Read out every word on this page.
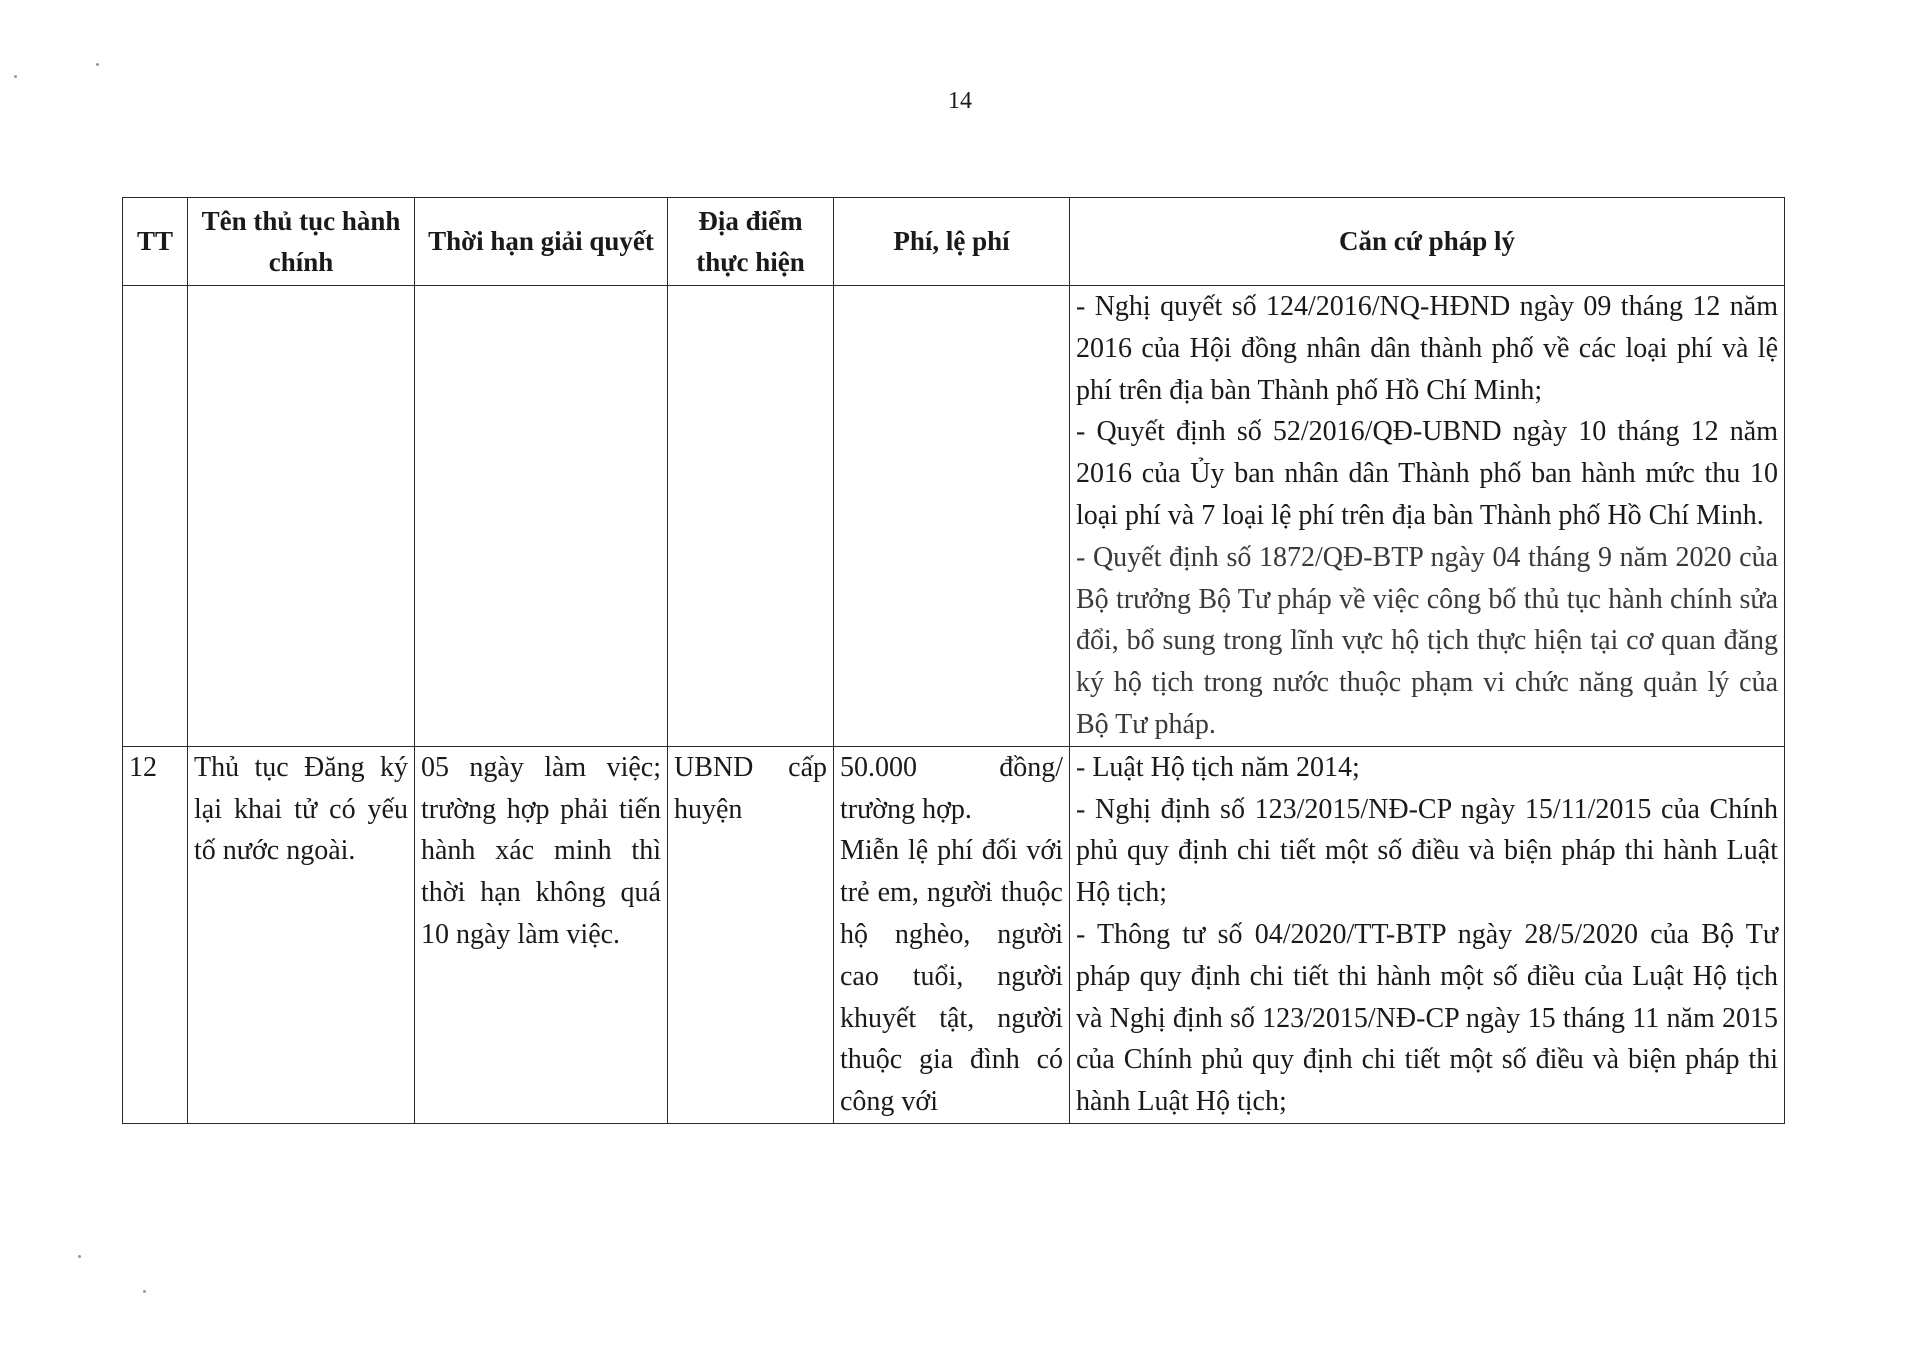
14
TT	Tên thủ tục hành chính	Thời hạn giải quyết	Địa điểm thực hiện	Phí, lệ phí	Căn cứ pháp lý

					- Nghị quyết số 124/2016/NQ-HĐND ngày 09 tháng 12 năm 2016 của Hội đồng nhân dân thành phố về các loại phí và lệ phí trên địa bàn Thành phố Hồ Chí Minh;
- Quyết định số 52/2016/QĐ-UBND ngày 10 tháng 12 năm 2016 của Ủy ban nhân dân Thành phố ban hành mức thu 10 loại phí và 7 loại lệ phí trên địa bàn Thành phố Hồ Chí Minh.
- Quyết định số 1872/QĐ-BTP ngày 04 tháng 9 năm 2020 của Bộ trưởng Bộ Tư pháp về việc công bố thủ tục hành chính sửa đổi, bổ sung trong lĩnh vực hộ tịch thực hiện tại cơ quan đăng ký hộ tịch trong nước thuộc phạm vi chức năng quản lý của Bộ Tư pháp.

12	Thủ tục Đăng ký lại khai tử có yếu tố nước ngoài.	05 ngày làm việc; trường hợp phải tiến hành xác minh thì thời hạn không quá 10 ngày làm việc.	UBND cấp huyện	50.000 đồng/ trường hợp.
Miễn lệ phí đối với trẻ em, người thuộc hộ nghèo, người cao tuổi, người khuyết tật, người thuộc gia đình có công với	- Luật Hộ tịch năm 2014;
- Nghị định số 123/2015/NĐ-CP ngày 15/11/2015 của Chính phủ quy định chi tiết một số điều và biện pháp thi hành Luật Hộ tịch;
- Thông tư số 04/2020/TT-BTP ngày 28/5/2020 của Bộ Tư pháp quy định chi tiết thi hành một số điều của Luật Hộ tịch và Nghị định số 123/2015/NĐ-CP ngày 15 tháng 11 năm 2015 của Chính phủ quy định chi tiết một số điều và biện pháp thi hành Luật Hộ tịch;
